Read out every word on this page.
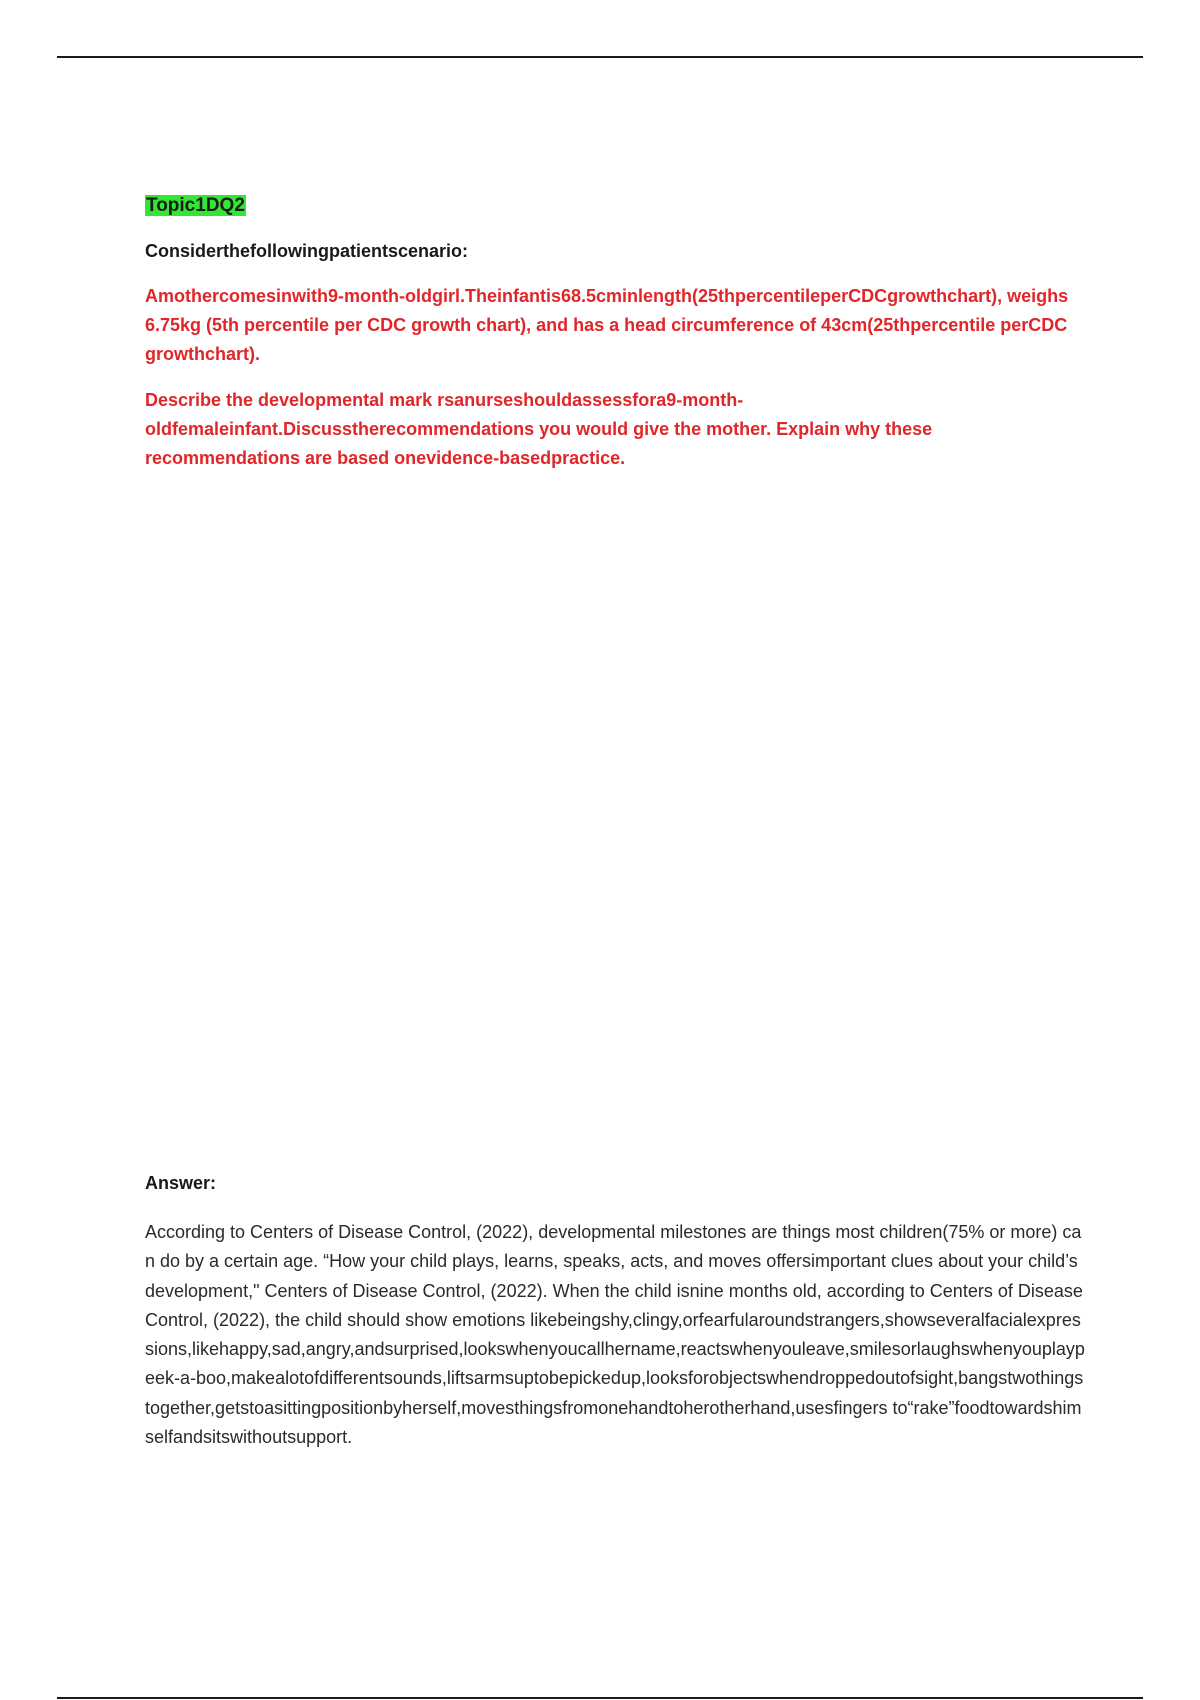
Topic1DQ2
Considerthefollowingpatientscenario:
Amothercomesinwith9-month-oldgirl.Theinfantis68.5cminlength(25thpercentileperCDCgrowthchart), weighs 6.75kg (5th percentile per CDC growth chart), and has a head circumference of 43cm(25thpercentile perCDC growthchart).
Describe the developmental mark rsanurseshouldassessfora9-month-oldfemaleinfant.Discusstherecommendations you would give the mother. Explain why these recommendations are based onevidence-basedpractice.
Answer:
According to Centers of Disease Control, (2022), developmental milestones are things most children(75% or more) can do by a certain age. “How your child plays, learns, speaks, acts, and moves offersimportant clues about your child’s development," Centers of Disease Control, (2022). When the child isnine months old, according to Centers of Disease Control, (2022), the child should show emotions likebeingshy,clingy,orfearfularoundstrangers,showseveralfacialexpressions,likehappy,sad,angry,andsurprised,lookswhenyoucallhername,reactswhenyouleave,smilesorlaughswhenyouplaypeek-a-boo,makealotofdifferentsounds,liftsarmsuptobepickedup,looksforobjectswhendroppedoutofsight,bangstwothingstogether,getstoasittingpositionbyherself,movesthingsfromonehandtoherotherhand,usesfingers to“rake”foodtowardshimselfandsitswithoutsupport.
